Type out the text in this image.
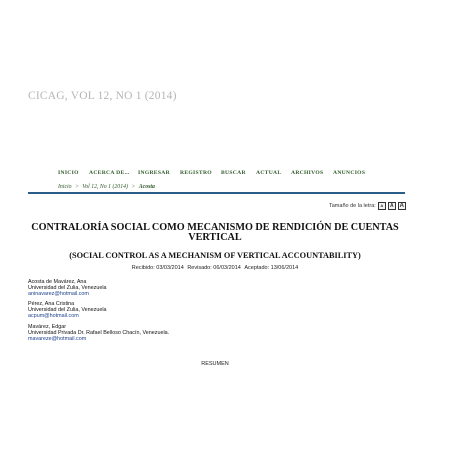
CICAG, VOL 12, NO 1 (2014)
INICIO	ACERCA DE...	INGRESAR	REGISTRO	BUSCAR	ACTUAL	ARCHIVOS	ANUNCIOS
Inicio > Vol 12, No 1 (2014) > Acosta
Tamaño de la letra:	A	A	A
CONTRALORÍA SOCIAL COMO MECANISMO DE RENDICIÓN DE CUENTAS VERTICAL
(SOCIAL CONTROL AS A MECHANISM OF VERTICAL ACCOUNTABILITY)
Recibido: 03/03/2014 Revisado: 06/03/2014 Aceptado: 13/06/2014
Acosta de Mavárez, Ana
Universidad del Zulia, Venezuela
aninavarez@hotmail.com
Pérez, Ana Cristina
Universidad del Zulia, Venezuela
acpum@hotmail.com
Mavárez, Edgar
Universidad Privada Dr. Rafael Belloso Chacín, Venezuela.
mavareze@hotmail.com
RESUMEN
